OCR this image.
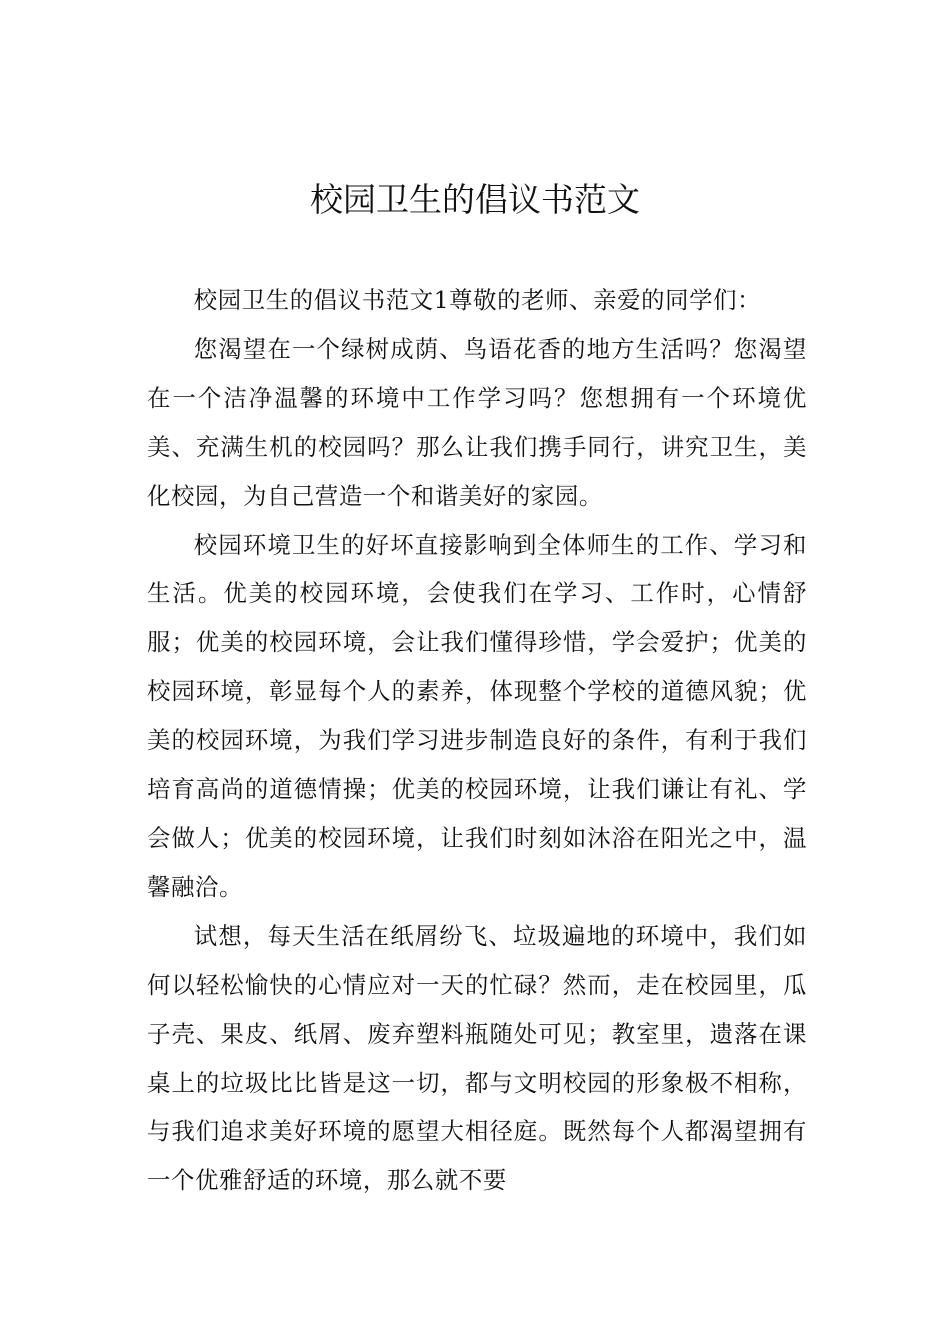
校园卫生的倡议书范文

校园卫生的倡议书范文1尊敬的老师、亲爱的同学们：

您渴望在一个绿树成荫、鸟语花香的地方生活吗？您渴望在一个洁净温馨的环境中工作学习吗？您想拥有一个环境优美、充满生机的校园吗？那么让我们携手同行，讲究卫生，美化校园，为自己营造一个和谐美好的家园。

校园环境卫生的好坏直接影响到全体师生的工作、学习和生活。优美的校园环境，会使我们在学习、工作时，心情舒服；优美的校园环境，会让我们懂得珍惜，学会爱护；优美的校园环境，彰显每个人的素养，体现整个学校的道德风貌；优美的校园环境，为我们学习进步制造良好的条件，有利于我们培育高尚的道德情操；优美的校园环境，让我们谦让有礼、学会做人；优美的校园环境，让我们时刻如沐浴在阳光之中，温馨融洽。

试想，每天生活在纸屑纷飞、垃圾遍地的环境中，我们如何以轻松愉快的心情应对一天的忙碌？然而，走在校园里，瓜子壳、果皮、纸屑、废弃塑料瓶随处可见；教室里，遗落在课桌上的垃圾比比皆是这一切，都与文明校园的形象极不相称，与我们追求美好环境的愿望大相径庭。既然每个人都渴望拥有一个优雅舒适的环境，那么就不要
